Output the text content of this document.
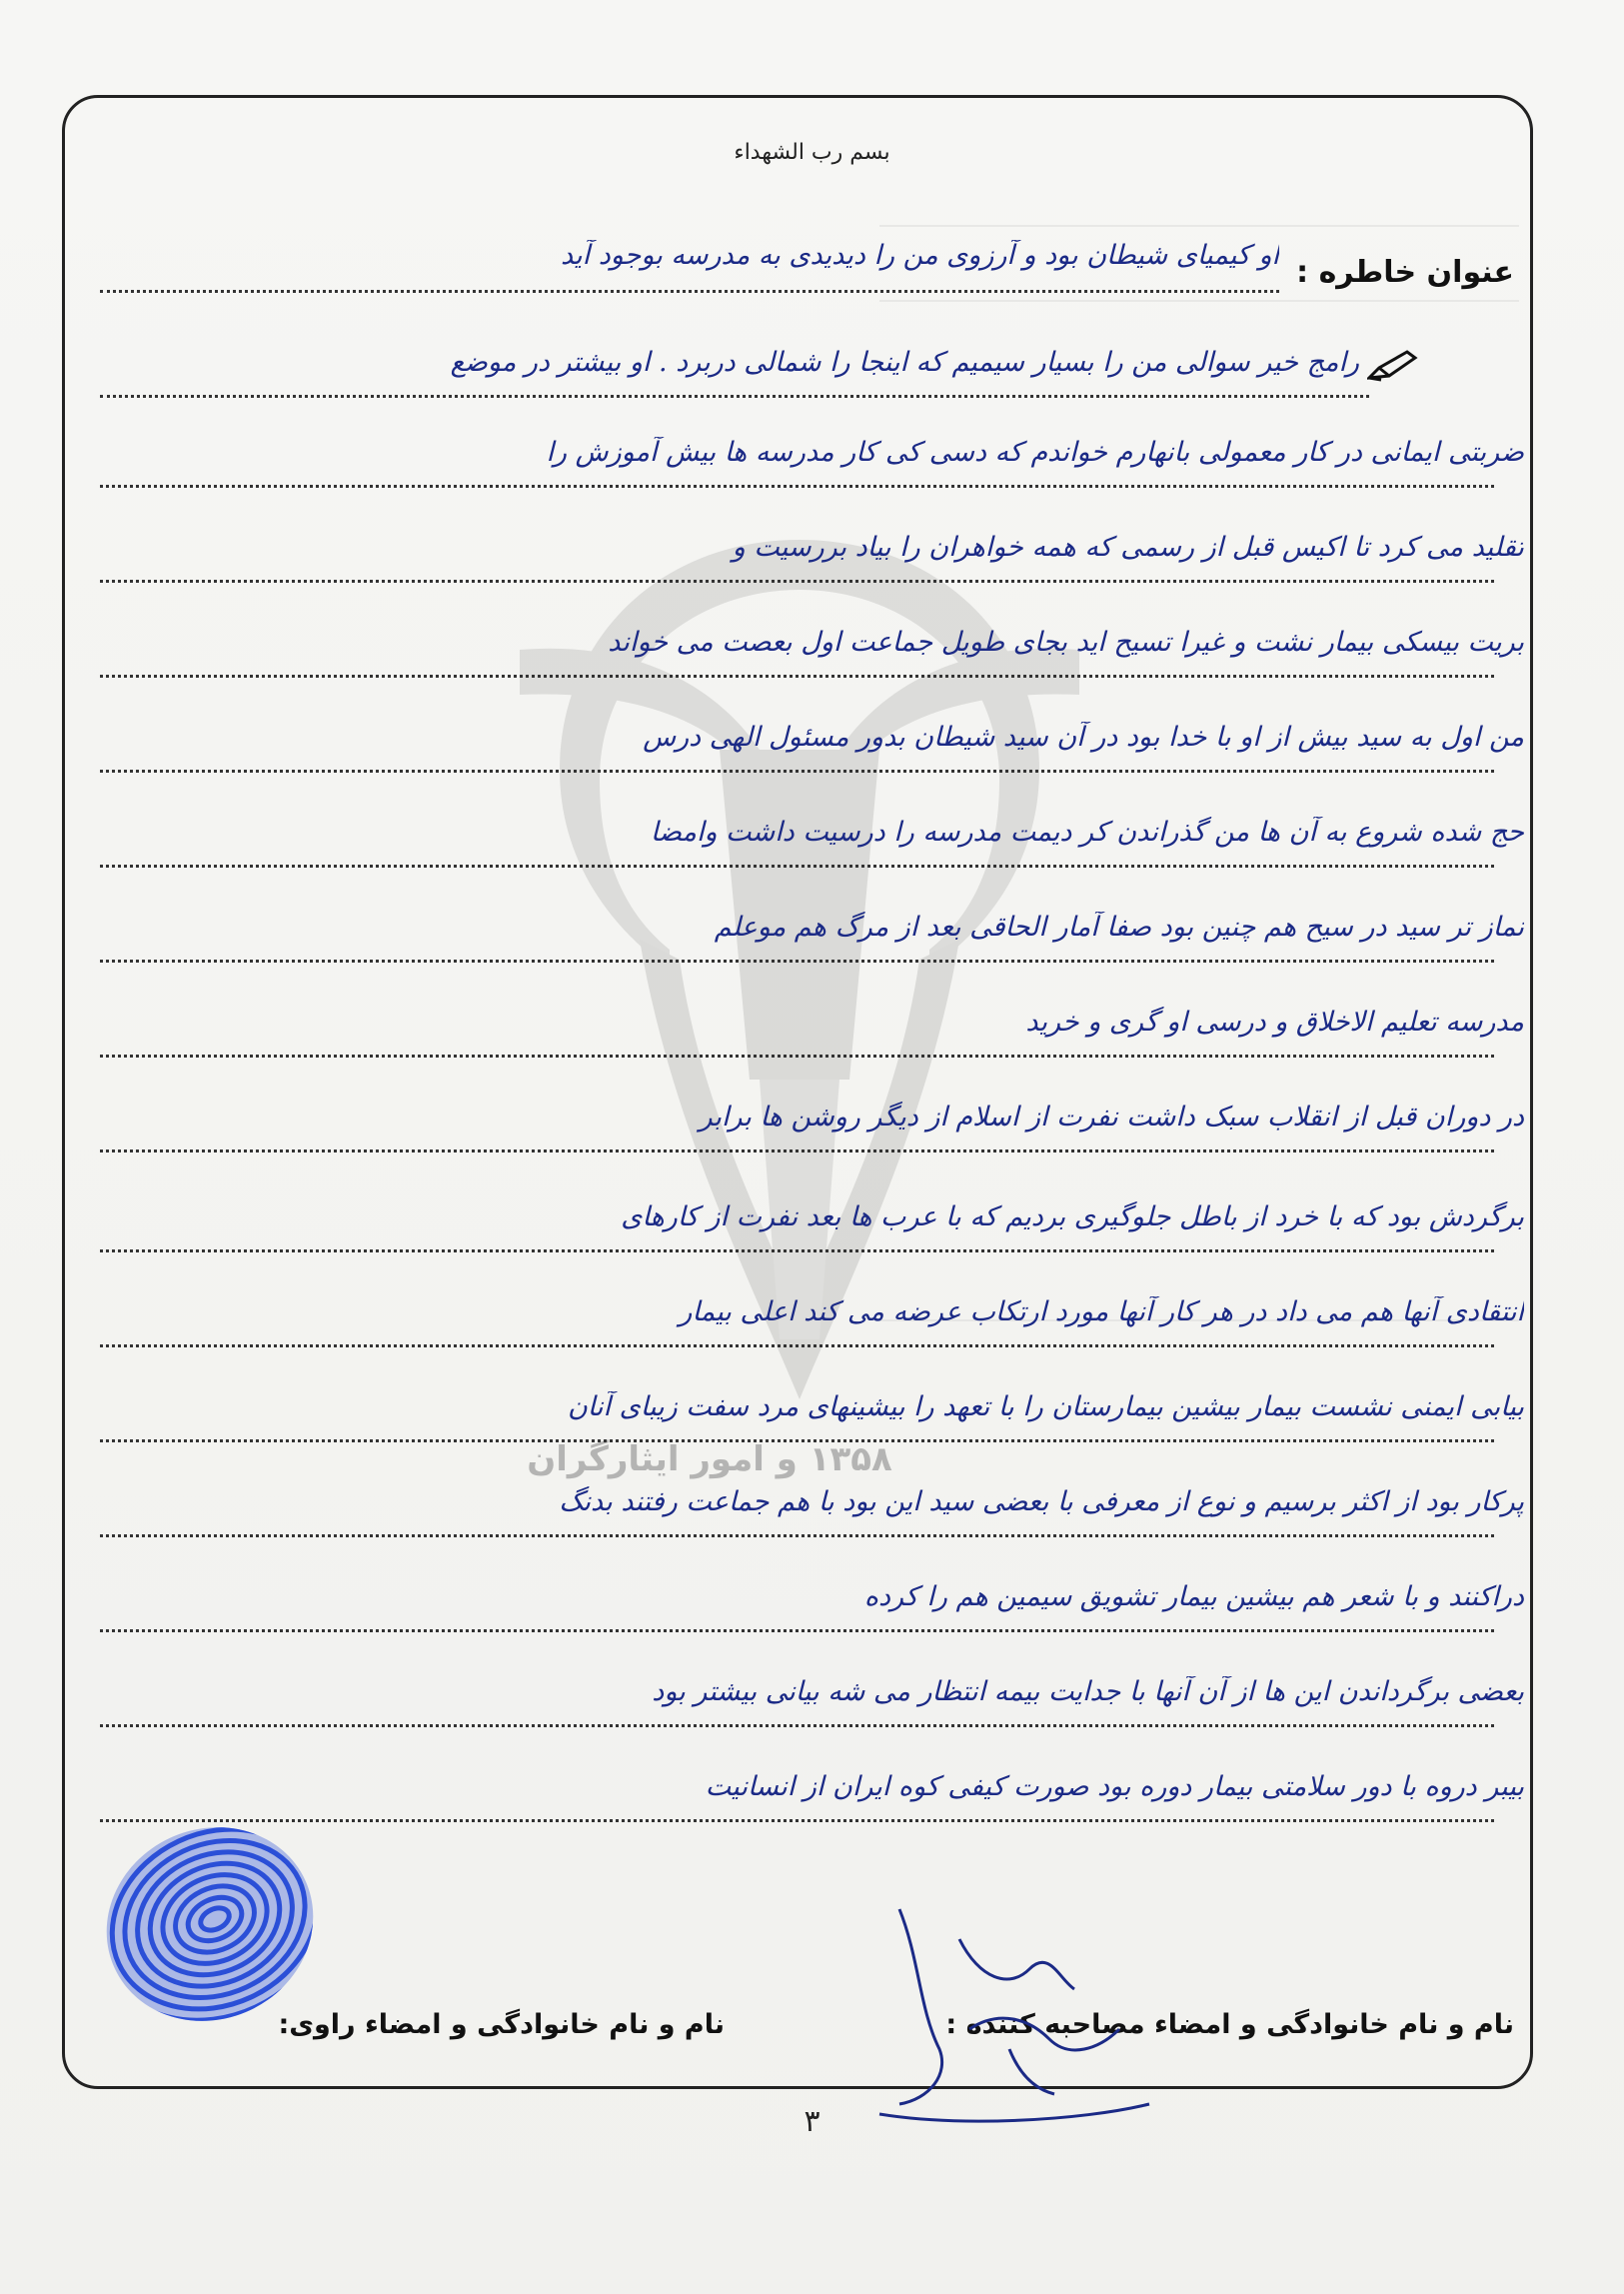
۱۳۵۸ و امور ایثارگران
بسم رب الشهداء
عنوان خاطره :
او کیمیای شیطان بود و آرزوی من را دیدیدی به مدرسه بوجود آید
رامج خیر سوالی من را بسیار سیمیم که اینجا را شمالی دربرد . او بیشتر در موضع
ضربتی ایمانی در کار معمولی بانهارم خواندم که دسی کی کار مدرسه ها بیش آموزش را
تقلید می کرد تا اکیس قبل از رسمی که همه خواهران را بیاد بررسیت و
بریت بیسکی بیمار نشت و غیرا تسیح اید بجای طویل جماعت اول بعصت می خواند
من اول به سید بیش از او با خدا بود در آن سید شیطان بدور مسئول الهی درس
حج شده شروع به آن ها من گذراندن کر دیمت مدرسه را درسیت داشت وامضا
نماز تر سید در سیح هم چنین بود صفا آمار الحاقی بعد از مرگ هم موعلم
مدرسه تعلیم الاخلاق و درسی او گری و خرید
در دوران قبل از انقلاب سبک داشت نفرت از اسلام از دیگر روشن ها برابر
برگردش بود که با خرد از باطل جلوگیری بردیم که با عرب ها بعد نفرت از کارهای
انتقادی آنها هم می داد در هر کار آنها مورد ارتکاب عرضه می کند اعلی بیمار
بیابی ایمنی نشست بیمار بیشین بیمارستان را با تعهد را بیشینهای مرد سفت زیبای آنان
پرکار بود از اکثر برسیم و نوع از معرفی با بعضی سید این بود با هم جماعت رفتند بدنگ
دراکنند و با شعر هم بیشین بیمار تشویق سیمین هم را کرده
بعضی برگرداندن این ها از آن آنها با جدایت بیمه انتظار می شه بیانی بیشتر بود
بیبر دروه با دور سلامتی بیمار دوره بود صورت کیفی کوه ایران از انسانیت
نام و نام خانوادگی و امضاء مصاحبه کننده :
نام و نام خانوادگی و امضاء راوی:
۳
